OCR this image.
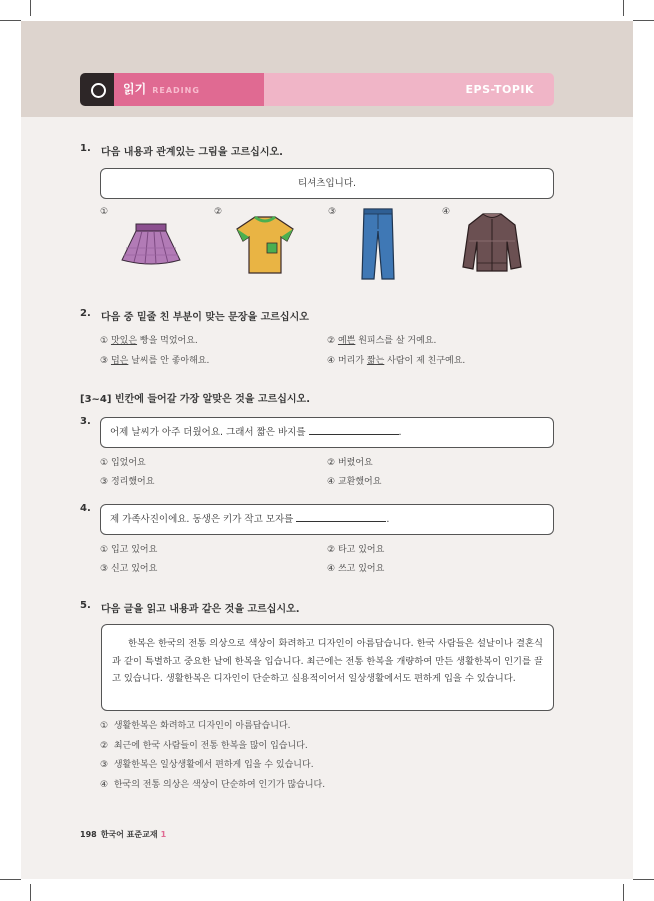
읽기 READING	EPS-TOPIK
1. 다음 내용과 관계있는 그림을 고르십시오.
티셔츠입니다.
①	②	③	④
2. 다음 중 밑줄 친 부분이 맞는 문장을 고르십시오
① 맛있은 빵을 먹었어요.	② 예쁜 원피스를 살 거예요.
③ 덥은 날씨를 안 좋아해요.	④ 머리가 짧는 사람이 제 친구예요.
[3~4] 빈칸에 들어갈 가장 알맞은 것을 고르십시오.
3.
어제 날씨가 아주 더웠어요. 그래서 짧은 바지를	.
① 입었어요	② 버렸어요
③ 정리했어요	④ 교환했어요
4.
제 가족사진이에요. 동생은 키가 작고 모자를	.
① 입고 있어요	② 타고 있어요
③ 신고 있어요	④ 쓰고 있어요
5. 다음 글을 읽고 내용과 같은 것을 고르십시오.

한복은 한국의 전통 의상으로 색상이 화려하고 디자인이 아름답습니다. 한국 사람들은 설날이나 결혼식과 같이 특별하고 중요한 날에 한복을 입습니다. 최근에는 전통 한복을 개량하여 만든 생활한복이 인기를 끌고 있습니다. 생활한복은 디자인이 단순하고 실용적이어서 일상생활에서도 편하게 입을 수 있습니다.

① 생활한복은 화려하고 디자인이 아름답습니다.
② 최근에 한국 사람들이 전통 한복을 많이 입습니다.
③ 생활한복은 일상생활에서 편하게 입을 수 있습니다.
④ 한국의 전통 의상은 색상이 단순하여 인기가 많습니다.
198 한국어 표준교재 1
